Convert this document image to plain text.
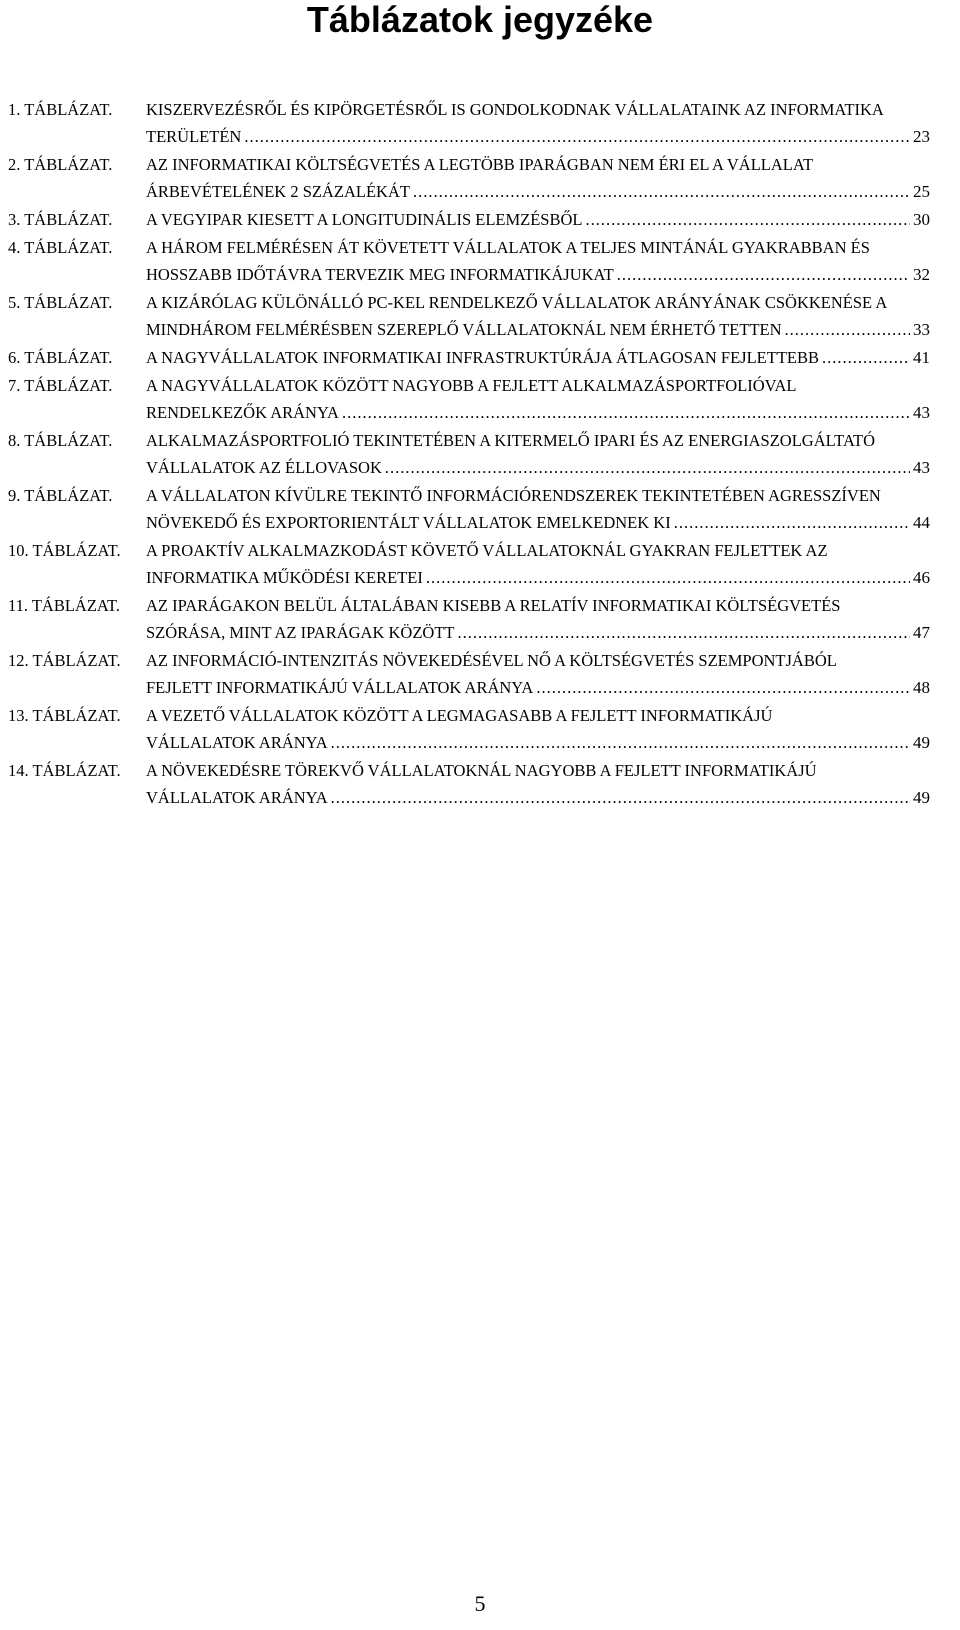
Táblázatok jegyzéke
1. TÁBLÁZAT. KISZERVEZÉSRŐL ÉS KIPÖRGETÉSRŐL IS GONDOLKODNAK VÁLLALATAINK AZ INFORMATIKA
TERÜLETÉN .....	23
2. TÁBLÁZAT. AZ INFORMATIKAI KÖLTSÉGVETÉS A LEGTÖBB IPARÁGBAN NEM ÉRI EL A VÁLLALAT
ÁRBEVÉTELÉNEK 2 SZÁZALÉKÁT .....	25
3. TÁBLÁZAT. A VEGYIPAR KIESETT A LONGITUDINÁLIS ELEMZÉSBŐL .....	30
4. TÁBLÁZAT. A HÁROM FELMÉRÉSEN ÁT KÖVETETT VÁLLALATOK A TELJES MINTÁNÁL GYAKRABBAN ÉS
HOSSZABB IDŐTÁVRA TERVEZIK MEG INFORMATIKÁJUKAT .....	32
5. TÁBLÁZAT. A KIZÁRÓLAG KÜLÖNÁLLÓ PC-KEL RENDELKEZŐ VÁLLALATOK ARÁNYÁNAK CSÖKKENÉSE A
MINDHÁROM FELMÉRÉSBEN SZEREPLŐ VÁLLALATOKNÁL NEM ÉRHETŐ TETTEN .....	33
6. TÁBLÁZAT. A NAGYVÁLLALATOK INFORMATIKAI INFRASTRUKTÚRÁJA ÁTLAGOSAN FEJLETTEBB .....	41
7. TÁBLÁZAT. A NAGYVÁLLALATOK KÖZÖTT NAGYOBB A FEJLETT ALKALMAZÁSPORTFOLIÓVAL
RENDELKEZŐK ARÁNYA .....	43
8. TÁBLÁZAT. ALKALMAZÁSPORTFOLIÓ TEKINTETÉBEN A KITERMELŐ IPARI ÉS AZ ENERGIASZOLGÁLTATÓ
VÁLLALATOK AZ ÉLLOVASOK .....	43
9. TÁBLÁZAT. A VÁLLALATON KÍVÜLRE TEKINTŐ INFORMÁCIÓRENDSZEREK TEKINTETÉBEN AGRESSZÍVEN
NÖVEKEDŐ ÉS EXPORTORIENTÁLT VÁLLALATOK EMELKEDNEK KI .....	44
10. TÁBLÁZAT. A PROAKTÍV ALKALMAZKODÁST KÖVETŐ VÁLLALATOKNÁL GYAKRAN FEJLETTEK AZ
INFORMATIKA MŰKÖDÉSI KERETEI .....	46
11. TÁBLÁZAT. AZ IPARÁGAKON BELÜL ÁLTALÁBAN KISEBB A RELATÍV INFORMATIKAI KÖLTSÉGVETÉS
SZÓRÁSA, MINT AZ IPARÁGAK KÖZÖTT .....	47
12. TÁBLÁZAT. AZ INFORMÁCIÓ-INTENZITÁS NÖVEKEDÉSÉVEL NŐ A KÖLTSÉGVETÉS SZEMPONTJÁBÓL
FEJLETT INFORMATIKÁJÚ VÁLLALATOK ARÁNYA .....	48
13. TÁBLÁZAT. A VEZETŐ VÁLLALATOK KÖZÖTT A LEGMAGASABB A FEJLETT INFORMATIKÁJÚ
VÁLLALATOK ARÁNYA .....	49
14. TÁBLÁZAT. A NÖVEKEDÉSRE TÖREKVŐ VÁLLALATOKNÁL NAGYOBB A FEJLETT INFORMATIKÁJÚ
VÁLLALATOK ARÁNYA .....	49
5
